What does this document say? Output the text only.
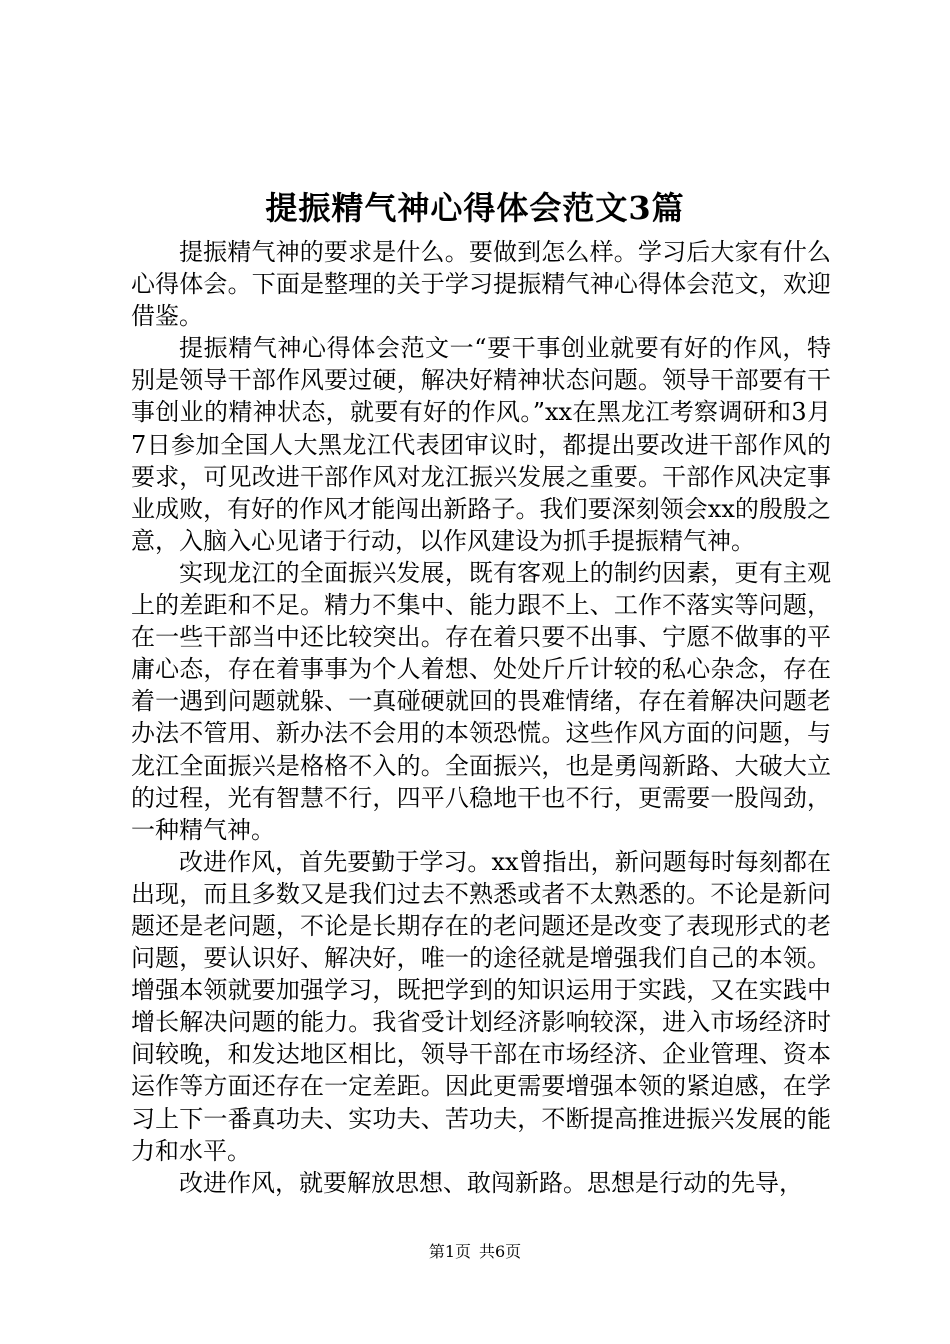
提振精气神心得体会范文3篇

提振精气神的要求是什么。要做到怎么样。学习后大家有什么心得体会。下面是整理的关于学习提振精气神心得体会范文，欢迎借鉴。

提振精气神心得体会范文一“要干事创业就要有好的作风，特别是领导干部作风要过硬，解决好精神状态问题。领导干部要有干事创业的精神状态，就要有好的作风。”xx在黑龙江考察调研和3月7日参加全国人大黑龙江代表团审议时，都提出要改进干部作风的要求，可见改进干部作风对龙江振兴发展之重要。干部作风决定事业成败，有好的作风才能闯出新路子。我们要深刻领会xx的殷殷之意，入脑入心见诸于行动，以作风建设为抓手提振精气神。

实现龙江的全面振兴发展，既有客观上的制约因素，更有主观上的差距和不足。精力不集中、能力跟不上、工作不落实等问题，在一些干部当中还比较突出。存在着只要不出事、宁愿不做事的平庸心态，存在着事事为个人着想、处处斤斤计较的私心杂念，存在着一遇到问题就躲、一真碰硬就回的畏难情绪，存在着解决问题老办法不管用、新办法不会用的本领恐慌。这些作风方面的问题，与龙江全面振兴是格格不入的。全面振兴，也是勇闯新路、大破大立的过程，光有智慧不行，四平八稳地干也不行，更需要一股闯劲，一种精气神。

改进作风，首先要勤于学习。xx曾指出，新问题每时每刻都在出现，而且多数又是我们过去不熟悉或者不太熟悉的。不论是新问题还是老问题，不论是长期存在的老问题还是改变了表现形式的老问题，要认识好、解决好，唯一的途径就是增强我们自己的本领。增强本领就要加强学习，既把学到的知识运用于实践，又在实践中增长解决问题的能力。我省受计划经济影响较深，进入市场经济时间较晚，和发达地区相比，领导干部在市场经济、企业管理、资本运作等方面还存在一定差距。因此更需要增强本领的紧迫感，在学习上下一番真功夫、实功夫、苦功夫，不断提高推进振兴发展的能力和水平。

改进作风，就要解放思想、敢闯新路。思想是行动的先导，

第1页 共6页
